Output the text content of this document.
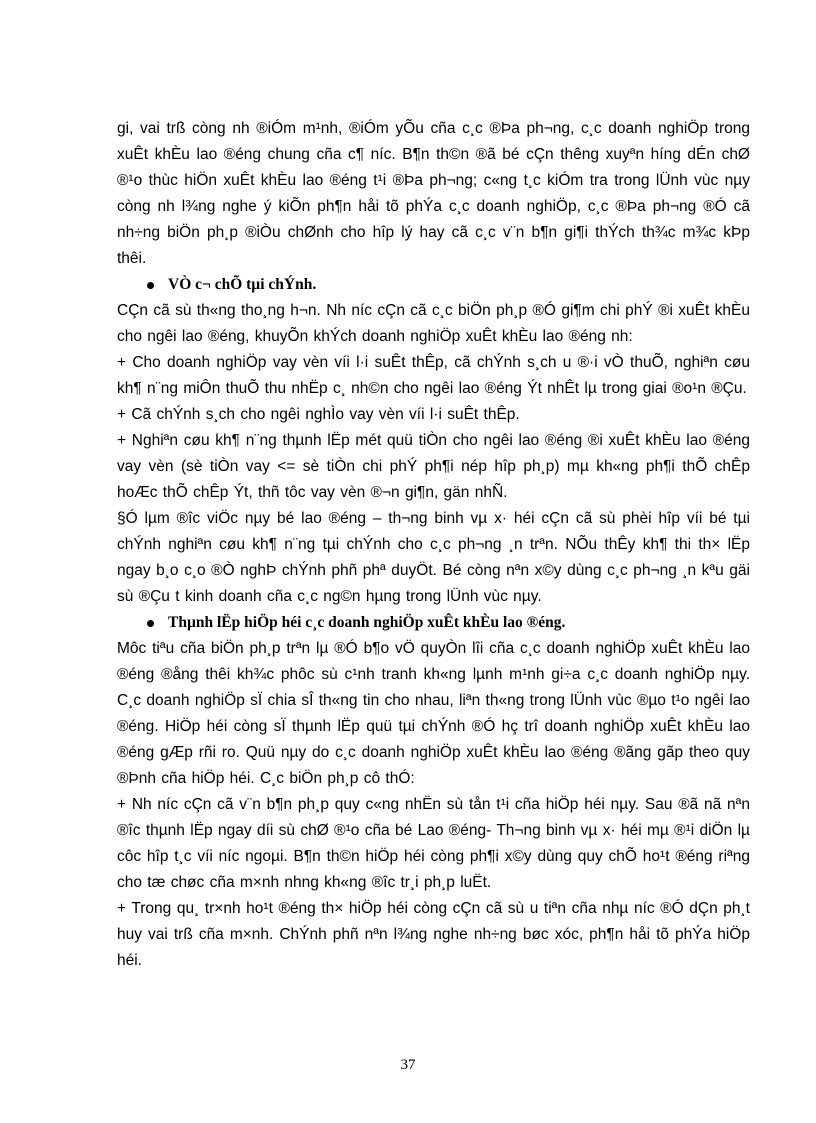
gi, vai trß còng nh ®iÓm m¹nh, ®iÓm yÕu cña c¸c ®Þa ph¬ng, c¸c doanh nghiÖp trong xuÊt khÈu lao ®éng chung cña c¶ níc. B¶n th©n ®ã bé cÇn thêng xuyªn híng dÉn chØ ®¹o thùc hiÖn xuÊt khÈu lao ®éng t¹i ®Þa ph¬ng; c«ng t¸c kiÓm tra trong lÜnh vùc nµy còng nh l¾ng nghe ý kiÕn ph¶n håi tõ phÝa c¸c doanh nghiÖp, c¸c ®Þa ph¬ng ®Ó cã nh÷ng biÖn ph¸p ®iÒu chØnh cho hîp lý hay cã c¸c v¨n b¶n gi¶i thÝch th¾c m¾c kÞp thêi.

VÒ c¬ chÕ tµi chÝnh.

CÇn cã sù th«ng tho¸ng h¬n. Nh níc cÇn cã c¸c biÖn ph¸p ®Ó gi¶m chi phÝ ®i xuÊt khÈu cho ngêi lao ®éng, khuyÕn khÝch doanh nghiÖp xuÊt khÈu lao ®éng nh:

+ Cho doanh nghiÖp vay vèn víi l·i suÊt thÊp, cã chÝnh s¸ch u ®·i vÒ thuÕ, nghiªn cøu kh¶ n¨ng miÔn thuÕ thu nhËp c¸ nh©n cho ngêi lao ®éng Ýt nhÊt lµ trong giai ®o¹n ®Çu.

+ Cã chÝnh s¸ch cho ngêi nghÌo vay vèn víi l·i suÊt thÊp.

+ Nghiªn cøu kh¶ n¨ng thµnh lËp mét quü tiÒn cho ngêi lao ®éng ®i xuÊt khÈu lao ®éng vay vèn (sè tiÒn vay <= sè tiÒn chi phÝ ph¶i nép hîp ph¸p) mµ kh«ng ph¶i thÕ chÊp hoÆc thÕ chÊp Ýt, thñ tôc vay vèn ®¬n gi¶n, gän nhÑ.

§Ó lµm ®îc viÖc nµy bé lao ®éng – th¬ng binh vµ x· héi cÇn cã sù phèi hîp víi bé tµi chÝnh nghiªn cøu kh¶ n¨ng tµi chÝnh cho c¸c ph¬ng ¸n trªn. NÕu thÊy kh¶ thi th× lËp ngay b¸o c¸o ®Ò nghÞ chÝnh phñ phª duyÖt. Bé còng nªn x©y dùng c¸c ph¬ng ¸n kªu gäi sù ®Çu t kinh doanh cña c¸c ng©n hµng trong lÜnh vùc nµy.

Thµnh lËp hiÖp héi c¸c doanh nghiÖp xuÊt khÈu lao ®éng.

Môc tiªu cña biÖn ph¸p trªn lµ ®Ó b¶o vÖ quyÒn lîi cña c¸c doanh nghiÖp xuÊt khÈu lao ®éng ®ång thêi kh¾c phôc sù c¹nh tranh kh«ng lµnh m¹nh gi÷a c¸c doanh nghiÖp nµy. C¸c doanh nghiÖp sÏ chia sÎ th«ng tin cho nhau, liªn th«ng trong lÜnh vùc ®µo t¹o ngêi lao ®éng. HiÖp héi còng sÏ thµnh lËp quü tµi chÝnh ®Ó hç trî doanh nghiÖp xuÊt khÈu lao ®éng gÆp rñi ro. Quü nµy do c¸c doanh nghiÖp xuÊt khÈu lao ®éng ®ãng gãp theo quy ®Þnh cña hiÖp héi. C¸c biÖn ph¸p cô thÓ:

+ Nh níc cÇn cã v¨n b¶n ph¸p quy c«ng nhËn sù tån t¹i cña hiÖp héi nµy. Sau ®ã nã nªn ®îc thµnh lËp ngay díi sù chØ ®¹o cña bé Lao ®éng- Th¬ng binh vµ x· héi mµ ®¹i diÖn lµ côc hîp t¸c víi níc ngoµi. B¶n th©n hiÖp héi còng ph¶i x©y dùng quy chÕ ho¹t ®éng riªng cho tæ chøc cña m×nh nhng kh«ng ®îc tr¸i ph¸p luËt.

+ Trong qu¸ tr×nh ho¹t ®éng th× hiÖp héi còng cÇn cã sù u tiªn cña nhµ níc ®Ó dÇn ph¸t huy vai trß cña m×nh. ChÝnh phñ nªn l¾ng nghe nh÷ng bøc xóc, ph¶n håi tõ phÝa hiÖp héi.

37
